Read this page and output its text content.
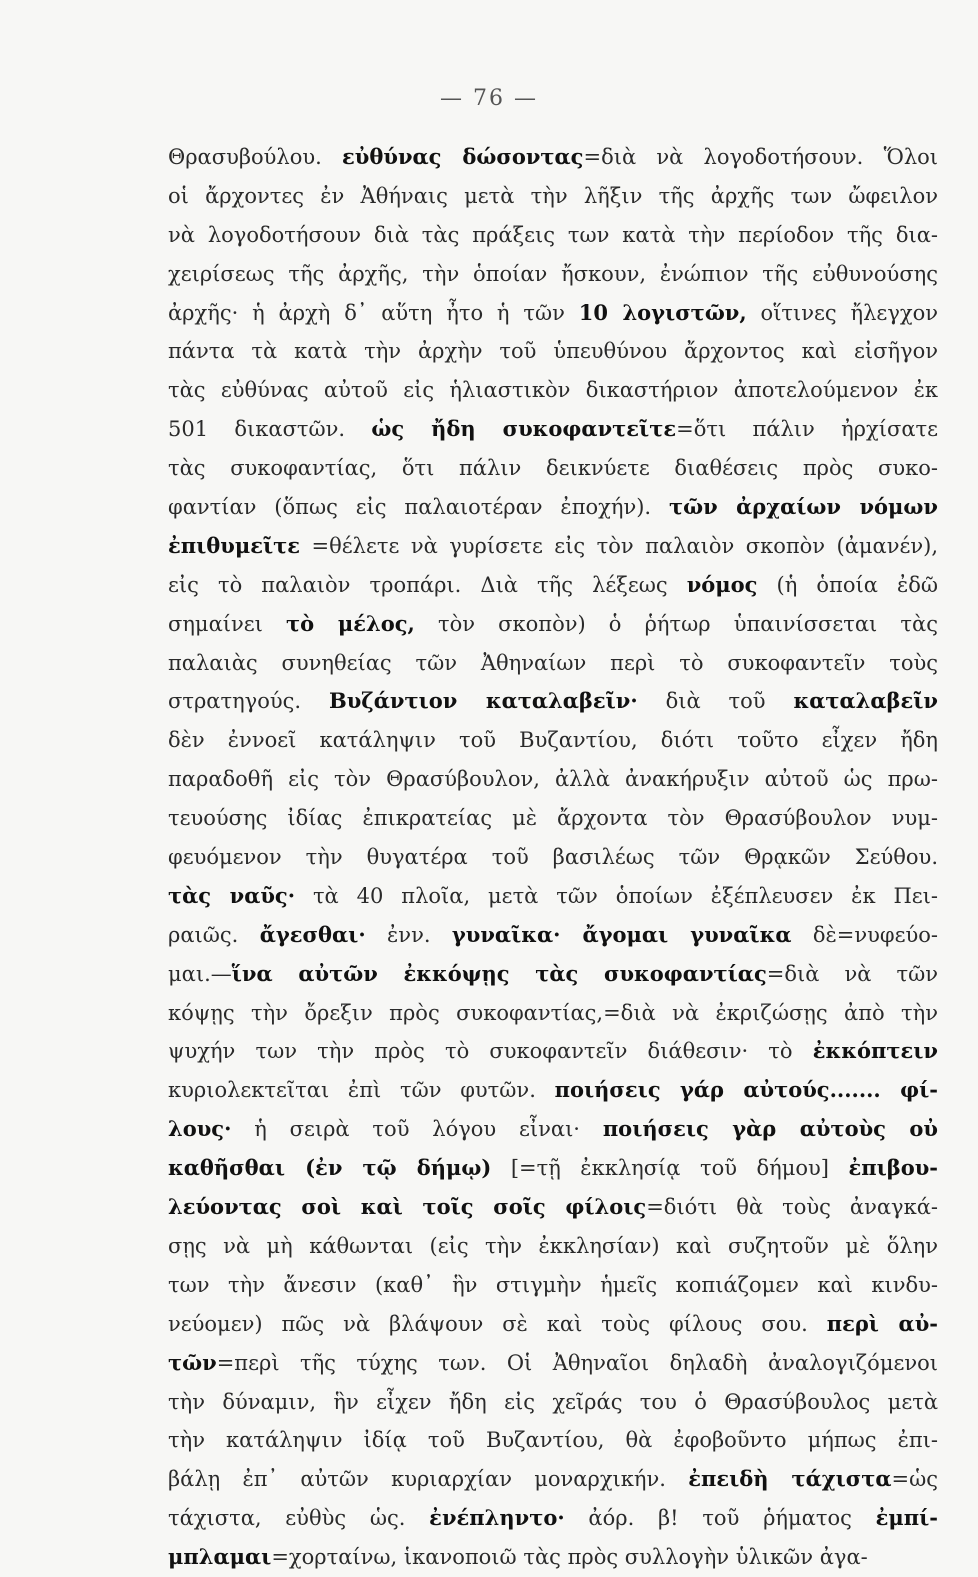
— 76 —
Θρασυβούλου. εὐθύνας δώσοντας=διὰ νὰ λογοδοτήσουν. Ὅλοι
οἱ ἄρχοντες ἐν Ἀθήναις μετὰ τὴν λῆξιν τῆς ἀρχῆς των ὤφειλον
νὰ λογοδοτήσουν διὰ τὰς πράξεις των κατὰ τὴν περίοδον τῆς δια-
χειρίσεως τῆς ἀρχῆς, τὴν ὁποίαν ἤσκουν, ἐνώπιον τῆς εὐθυνούσης
ἀρχῆς· ἡ ἀρχὴ δ᾽ αὕτη ἦτο ἡ τῶν 10 λογιστῶν, οἵτινες ἤλεγχον
πάντα τὰ κατὰ τὴν ἀρχὴν τοῦ ὑπευθύνου ἄρχοντος καὶ εἰσῆγον
τὰς εὐθύνας αὐτοῦ εἰς ἡλιαστικὸν δικαστήριον ἀποτελούμενον ἐκ
501 δικαστῶν. ὡς ἤδη συκοφαντεῖτε=ὅτι πάλιν ἠρχίσατε
τὰς συκοφαντίας, ὅτι πάλιν δεικνύετε διαθέσεις πρὸς συκο-
φαντίαν (ὅπως εἰς παλαιοτέραν ἐποχήν). τῶν ἀρχαίων νόμων
ἐπιθυμεῖτε =θέλετε νὰ γυρίσετε εἰς τὸν παλαιὸν σκοπὸν (ἀμανέν),
εἰς τὸ παλαιὸν τροπάρι. Διὰ τῆς λέξεως νόμος (ἡ ὁποία ἐδῶ
σημαίνει τὸ μέλος, τὸν σκοπὸν) ὁ ῥήτωρ ὑπαινίσσεται τὰς
παλαιὰς συνηθείας τῶν Ἀθηναίων περὶ τὸ συκοφαντεῖν τοὺς
στρατηγούς. Βυζάντιον καταλαβεῖν· διὰ τοῦ καταλαβεῖν
δὲν ἐννοεῖ κατάληψιν τοῦ Βυζαντίου, διότι τοῦτο εἶχεν ἤδη
παραδοθῆ εἰς τὸν Θρασύβουλον, ἀλλὰ ἀνακήρυξιν αὐτοῦ ὡς πρω-
τευούσης ἰδίας ἐπικρατείας μὲ ἄρχοντα τὸν Θρασύβουλον νυμ-
φευόμενον τὴν θυγατέρα τοῦ βασιλέως τῶν Θρᾳκῶν Σεύθου.
τὰς ναῦς· τὰ 40 πλοῖα, μετὰ τῶν ὁποίων ἐξέπλευσεν ἐκ Πει-
ραιῶς. ἄγεσθαι· ἐνν. γυναῖκα· ἄγομαι γυναῖκα δὲ=νυφεύο-
μαι.—ἵνα αὐτῶν ἐκκόψῃς τὰς συκοφαντίας=διὰ νὰ τῶν
κόψῃς τὴν ὄρεξιν πρὸς συκοφαντίας,=διὰ νὰ ἐκριζώσῃς ἀπὸ τὴν
ψυχήν των τὴν πρὸς τὸ συκοφαντεῖν διάθεσιν· τὸ ἐκκόπτειν
κυριολεκτεῖται ἐπὶ τῶν φυτῶν. ποιήσεις γάρ αὐτούς....... φί-
λους· ἡ σειρὰ τοῦ λόγου εἶναι· ποιήσεις γὰρ αὐτοὺς οὐ
καθῆσθαι (ἐν τῷ δήμῳ) [=τῇ ἐκκλησίᾳ τοῦ δήμου] ἐπιβου-
λεύοντας σοὶ καὶ τοῖς σοῖς φίλοις=διότι θὰ τοὺς ἀναγκά-
σῃς νὰ μὴ κάθωνται (εἰς τὴν ἐκκλησίαν) καὶ συζητοῦν μὲ ὅλην
των τὴν ἄνεσιν (καθ᾽ ἣν στιγμὴν ἡμεῖς κοπιάζομεν καὶ κινδυ-
νεύομεν) πῶς νὰ βλάψουν σὲ καὶ τοὺς φίλους σου. περὶ αὐ-
τῶν=περὶ τῆς τύχης των. Οἱ Ἀθηναῖοι δηλαδὴ ἀναλογιζόμενοι
τὴν δύναμιν, ἣν εἶχεν ἤδη εἰς χεῖράς του ὁ Θρασύβουλος μετὰ
τὴν κατάληψιν ἰδίᾳ τοῦ Βυζαντίου, θὰ ἐφοβοῦντο μήπως ἐπι-
βάλῃ ἐπ᾽ αὐτῶν κυριαρχίαν μοναρχικήν. ἐπειδὴ τάχιστα=ὡς
τάχιστα, εὐθὺς ὡς. ἐνέπληντο· ἀόρ. β! τοῦ ῥήματος ἐμπί-
μπλαμαι=χορταίνω, ἱκανοποιῶ τὰς πρὸς συλλογὴν ὑλικῶν ἀγα-
